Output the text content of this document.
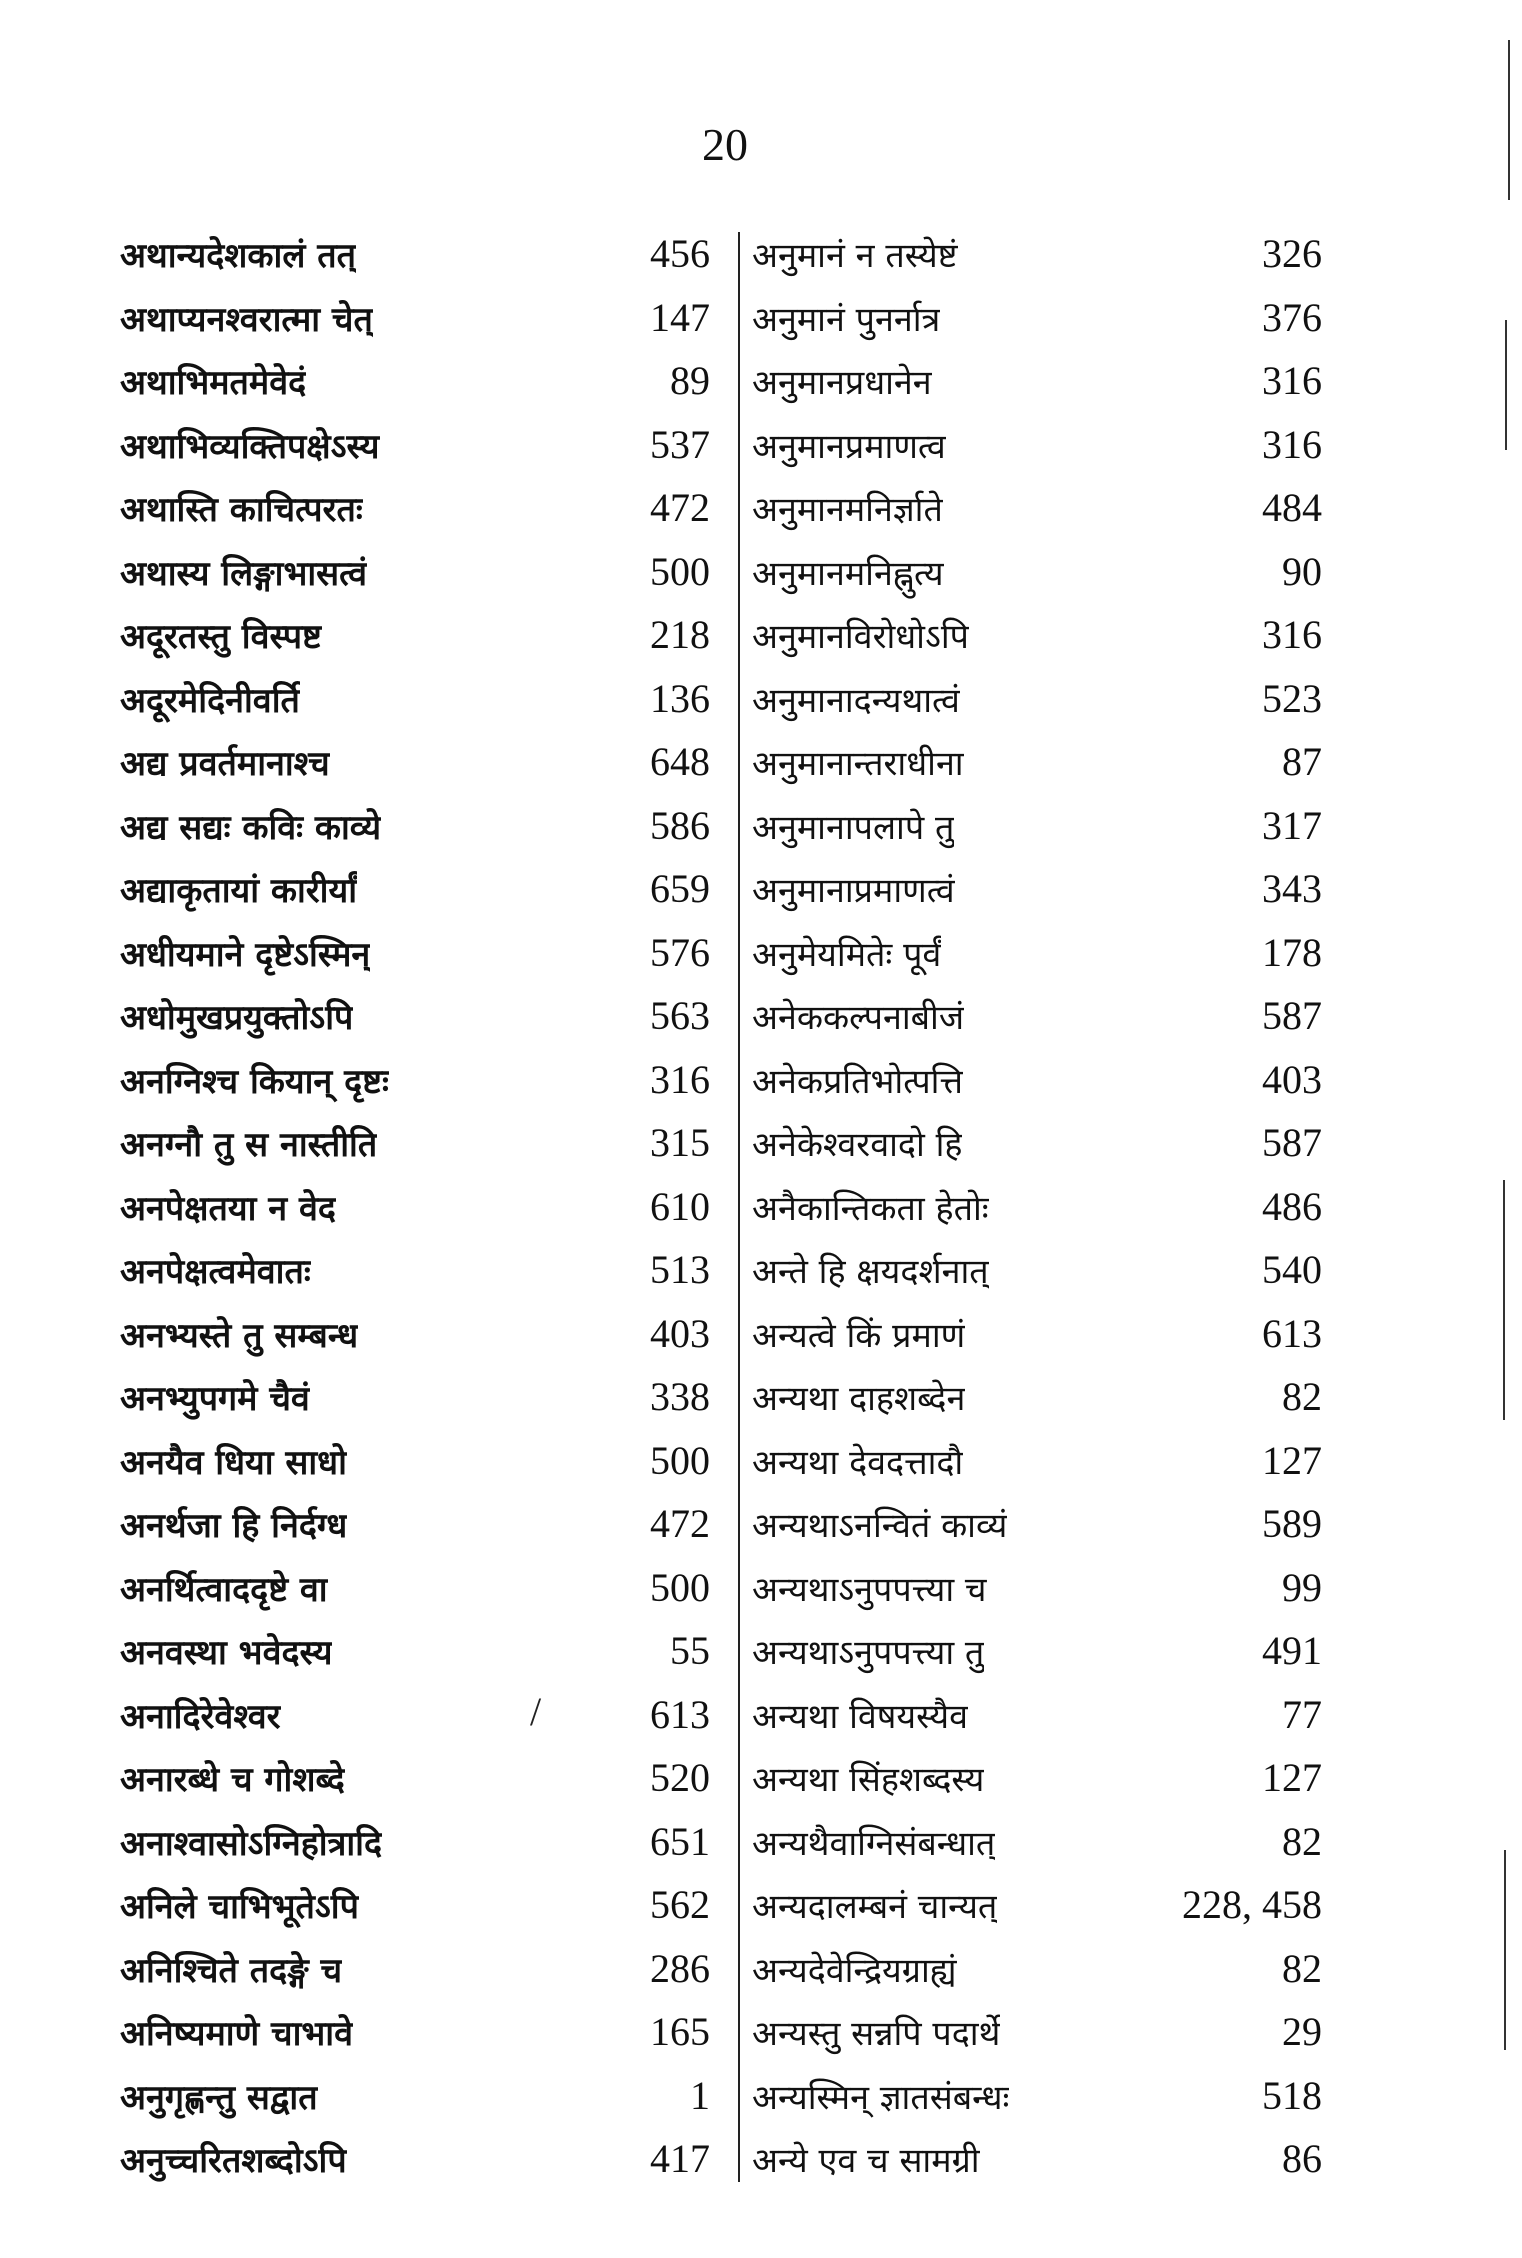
20
अथान्यदेशकालं तत्	456
अथाप्यनश्वरात्मा चेत्	147
अथाभिमतमेवेदं	89
अथाभिव्यक्तिपक्षेऽस्य	537
अथास्ति काचित्परतः	472
अथास्य लिङ्गाभासत्वं	500
अदूरतस्तु विस्पष्ट	218
अदूरमेदिनीवर्ति	136
अद्य प्रवर्तमानाश्च	648
अद्य सद्यः कविः काव्ये	586
अद्याकृतायां कारीर्यां	659
अधीयमाने दृष्टेऽस्मिन्	576
अधोमुखप्रयुक्तोऽपि	563
अनग्निश्च कियान् दृष्टः	316
अनग्नौ तु स नास्तीति	315
अनपेक्षतया न वेद	610
अनपेक्षत्वमेवातः	513
अनभ्यस्ते तु सम्बन्ध	403
अनभ्युपगमे चैवं	338
अनयैव धिया साधो	500
अनर्थजा हि निर्दग्ध	472
अनर्थित्वाददृष्टे वा	500
अनवस्था भवेदस्य	55
अनादिरेवेश्वर	613
अनारब्धे च गोशब्दे	520
अनाश्वासोऽग्निहोत्रादि	651
अनिले चाभिभूतेऽपि	562
अनिश्चिते तदङ्गे च	286
अनिष्यमाणे चाभावे	165
अनुगृह्णन्तु सद्वात	1
अनुच्चरितशब्दोऽपि	417
अनुमानं न तस्येष्टं	326
अनुमानं पुनर्नात्र	376
अनुमानप्रधानेन	316
अनुमानप्रमाणत्व	316
अनुमानमनिर्ज्ञाते	484
अनुमानमनिह्नुत्य	90
अनुमानविरोधोऽपि	316
अनुमानादन्यथात्वं	523
अनुमानान्तराधीना	87
अनुमानापलापे तु	317
अनुमानाप्रमाणत्वं	343
अनुमेयमितेः पूर्वं	178
अनेककल्पनाबीजं	587
अनेकप्रतिभोत्पत्ति	403
अनेकेश्वरवादो हि	587
अनैकान्तिकता हेतोः	486
अन्ते हि क्षयदर्शनात्	540
अन्यत्वे किं प्रमाणं	613
अन्यथा दाहशब्देन	82
अन्यथा देवदत्तादौ	127
अन्यथाऽनन्वितं काव्यं	589
अन्यथाऽनुपपत्त्या च	99
अन्यथाऽनुपपत्त्या तु	491
अन्यथा विषयस्यैव	77
अन्यथा सिंहशब्दस्य	127
अन्यथैवाग्निसंबन्धात्	82
अन्यदालम्बनं चान्यत्	228, 458
अन्यदेवेन्द्रियग्राह्यं	82
अन्यस्तु सन्नपि पदार्थे	29
अन्यस्मिन् ज्ञातसंबन्धः	518
अन्ये एव च सामग्री	86
/
